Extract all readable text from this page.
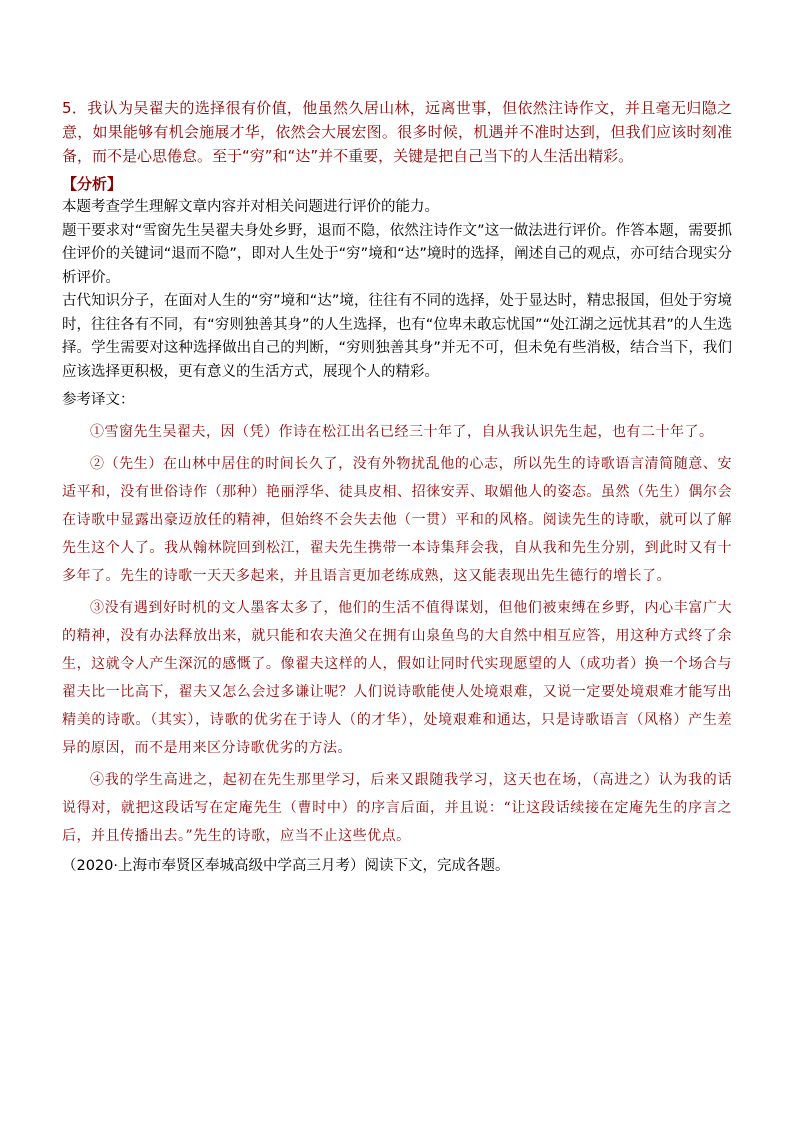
5．我认为吴翟夫的选择很有价值，他虽然久居山林，远离世事，但依然注诗作文，并且毫无归隐之意，如果能够有机会施展才华，依然会大展宏图。很多时候，机遇并不准时达到，但我们应该时刻准备，而不是心思倦怠。至于“穷”和“达”并不重要，关键是把自己当下的人生活出精彩。

【分析】

本题考查学生理解文章内容并对相关问题进行评价的能力。

题干要求对“雪窗先生吴翟夫身处乡野，退而不隐，依然注诗作文”这一做法进行评价。作答本题，需要抓住评价的关键词“退而不隐”，即对人生处于“穷”境和“达”境时的选择，阐述自己的观点，亦可结合现实分析评价。

古代知识分子，在面对人生的“穷”境和“达”境，往往有不同的选择，处于显达时，精忠报国，但处于穷境时，往往各有不同，有“穷则独善其身”的人生选择，也有“位卑未敢忘忧国”“处江湖之远忧其君”的人生选择。学生需要对这种选择做出自己的判断，“穷则独善其身”并无不可，但未免有些消极，结合当下，我们应该选择更积极，更有意义的生活方式，展现个人的精彩。

参考译文：

①雪窗先生吴翟夫，因（凭）作诗在松江出名已经三十年了，自从我认识先生起，也有二十年了。

②（先生）在山林中居住的时间长久了，没有外物扰乱他的心志，所以先生的诗歌语言清简随意、安适平和，没有世俗诗作（那种）艳丽浮华、徒具皮相、招徕安弄、取媚他人的姿态。虽然（先生）偶尔会在诗歌中显露出豪迈放任的精神，但始终不会失去他（一贯）平和的风格。阅读先生的诗歌，就可以了解先生这个人了。我从翰林院回到松江，翟夫先生携带一本诗集拜会我，自从我和先生分别，到此时又有十多年了。先生的诗歌一天天多起来，并且语言更加老练成熟，这又能表现出先生德行的增长了。

③没有遇到好时机的文人墨客太多了，他们的生活不值得谋划，但他们被束缚在乡野，内心丰富广大的精神，没有办法释放出来，就只能和农夫渔父在拥有山泉鱼鸟的大自然中相互应答，用这种方式终了余生，这就令人产生深沉的感慨了。像翟夫这样的人，假如让同时代实现愿望的人（成功者）换一个场合与翟夫比一比高下，翟夫又怎么会过多谦让呢？人们说诗歌能使人处境艰难，又说一定要处境艰难才能写出精美的诗歌。（其实），诗歌的优劣在于诗人（的才华），处境艰难和通达，只是诗歌语言（风格）产生差异的原因，而不是用来区分诗歌优劣的方法。

④我的学生高进之，起初在先生那里学习，后来又跟随我学习，这天也在场，（高进之）认为我的话说得对，就把这段话写在定庵先生（曹时中）的序言后面，并且说：“让这段话续接在定庵先生的序言之后，并且传播出去。”先生的诗歌，应当不止这些优点。

（2020·上海市奉贤区奉城高级中学高三月考）阅读下文，完成各题。
